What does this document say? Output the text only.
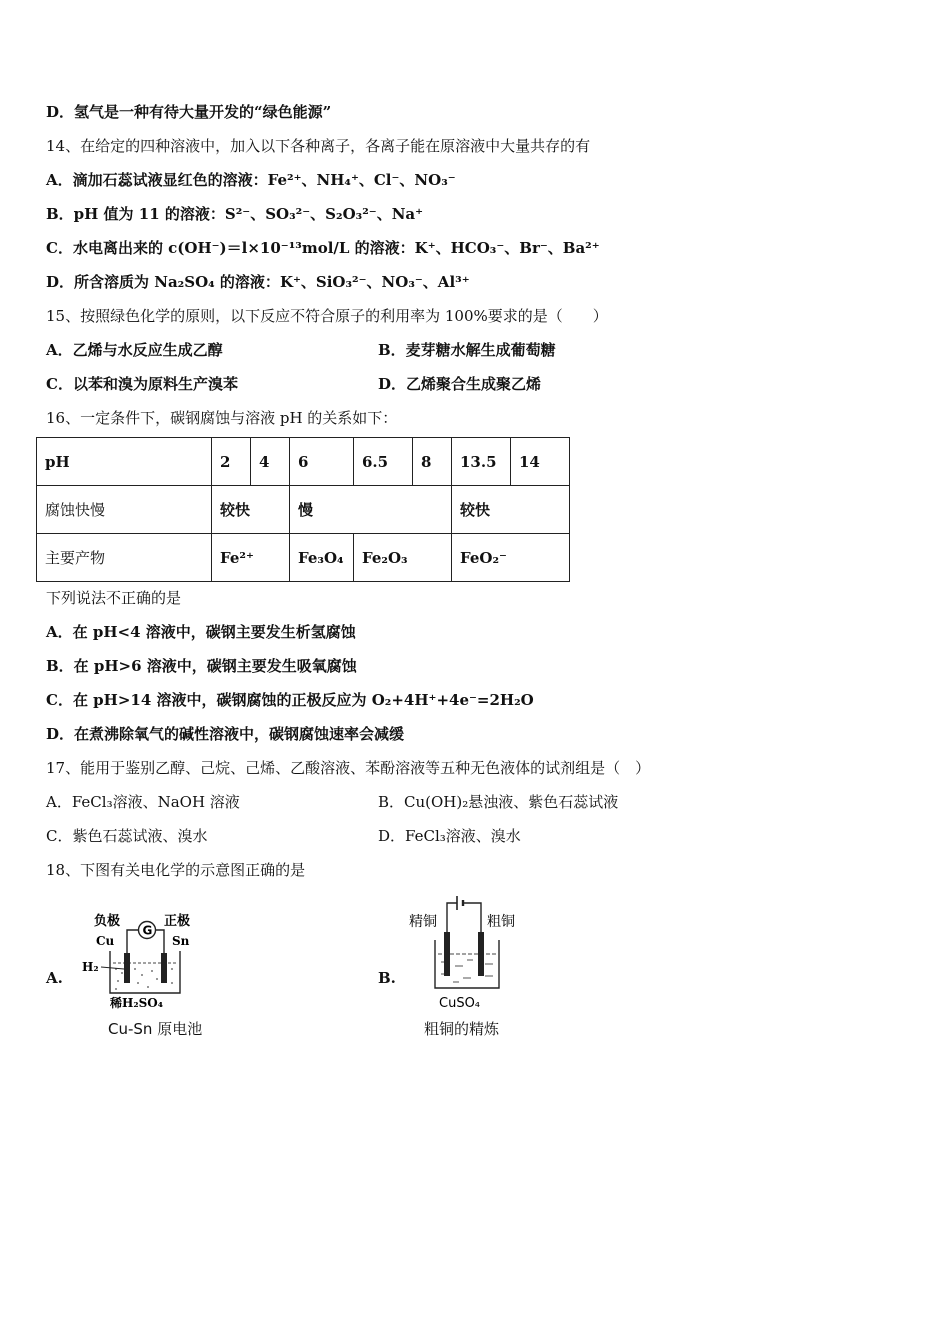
D．氢气是一种有待大量开发的“绿色能源”
14、在给定的四种溶液中，加入以下各种离子，各离子能在原溶液中大量共存的有
A．滴加石蕊试液显红色的溶液：Fe²⁺、NH₄⁺、Cl⁻、NO₃⁻
B．pH 值为 11 的溶液：S²⁻、SO₃²⁻、S₂O₃²⁻、Na⁺
C．水电离出来的 c(OH⁻)＝l×10⁻¹³mol/L 的溶液：K⁺、HCO₃⁻、Br⁻、Ba²⁺
D．所含溶质为 Na₂SO₄ 的溶液：K⁺、SiO₃²⁻、NO₃⁻、Al³⁺
15、按照绿色化学的原则，以下反应不符合原子的利用率为 100%要求的是（　　）
A．乙烯与水反应生成乙醇	B．麦芽糖水解生成葡萄糖
C．以苯和溴为原料生产溴苯	D．乙烯聚合生成聚乙烯
16、一定条件下，碳钢腐蚀与溶液 pH 的关系如下：
pH	2	4	6	6.5	8	13.5	14
腐蚀快慢	较快		慢			较快	
主要产物	Fe²⁺		Fe₃O₄	Fe₂O₃		FeO₂⁻	
下列说法不正确的是
A．在 pH<4 溶液中，碳钢主要发生析氢腐蚀
B．在 pH>6 溶液中，碳钢主要发生吸氧腐蚀
C．在 pH>14 溶液中，碳钢腐蚀的正极反应为 O₂+4H⁺+4e⁻=2H₂O
D．在煮沸除氧气的碱性溶液中，碳钢腐蚀速率会减缓
17、能用于鉴别乙醇、己烷、己烯、乙酸溶液、苯酚溶液等五种无色液体的试剂组是（　）
A．FeCl₃溶液、NaOH 溶液	B．Cu(OH)₂悬浊液、紫色石蕊试液
C．紫色石蕊试液、溴水	D．FeCl₃溶液、溴水
18、下图有关电化学的示意图正确的是
A.	B.
负极	正极
Cu	Sn
G
H₂
稀H₂SO₄
Cu-Sn 原电池
精铜	粗铜
CuSO₄
粗铜的精炼
